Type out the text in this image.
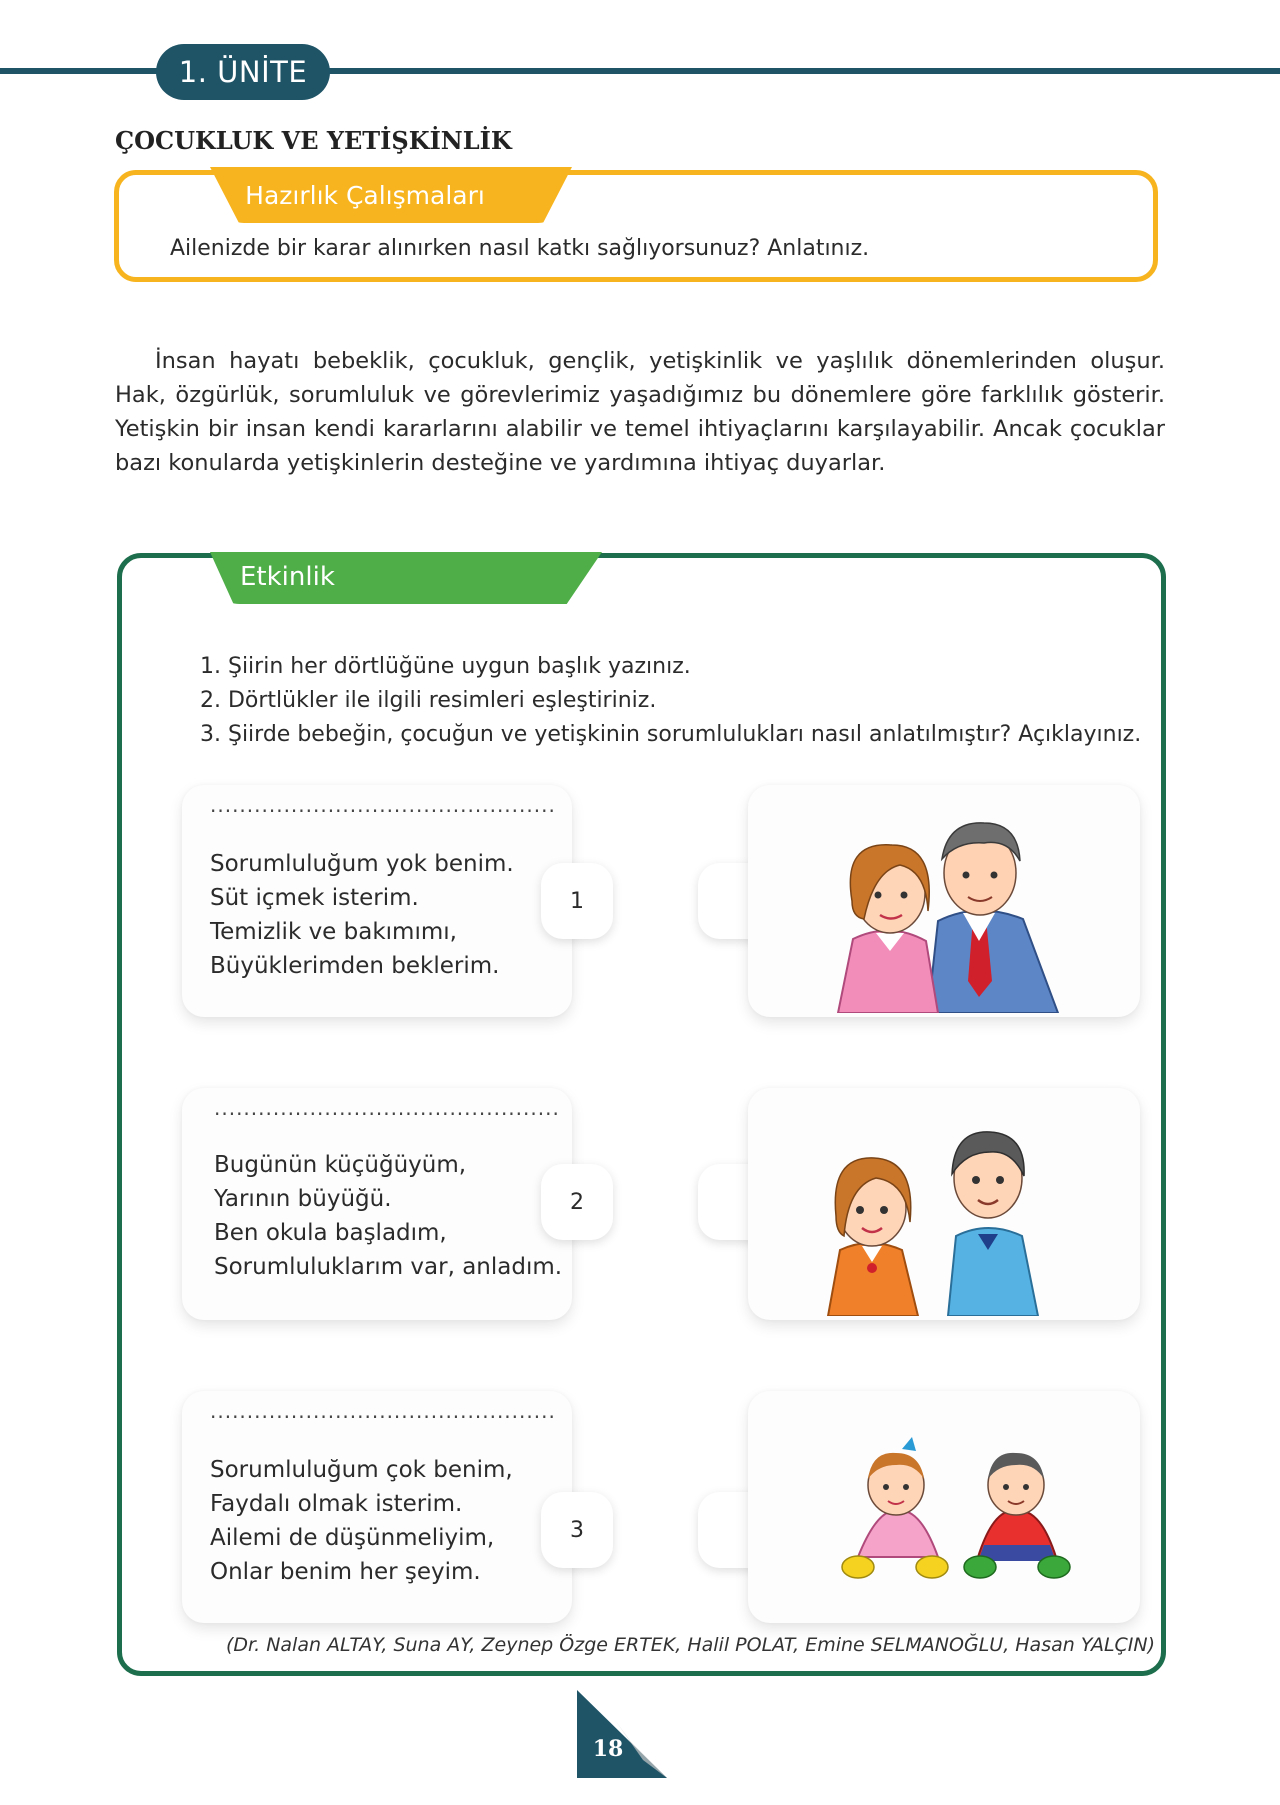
1. ÜNİTE
ÇOCUKLUK VE YETİŞKİNLİK
Hazırlık Çalışmaları
Ailenizde bir karar alınırken nasıl katkı sağlıyorsunuz? Anlatınız.

İnsan hayatı bebeklik, çocukluk, gençlik, yetişkinlik ve yaşlılık dönemlerinden oluşur. Hak, özgürlük, sorumluluk ve görevlerimiz yaşadığımız bu dönemlere göre farklılık gösterir. Yetişkin bir insan kendi kararlarını alabilir ve temel ihtiyaçlarını karşılayabilir. Ancak çocuklar bazı konularda yetişkinlerin desteğine ve yardımına ihtiyaç duyarlar.

Etkinlik
1. Şiirin her dörtlüğüne uygun başlık yazınız.
2. Dörtlükler ile ilgili resimleri eşleştiriniz.
3. Şiirde bebeğin, çocuğun ve yetişkinin sorumlulukları nasıl anlatılmıştır? Açıklayınız.
...............................................
Sorumluluğum yok benim.
Süt içmek isterim.
Temizlik ve bakımımı,
Büyüklerimden beklerim.
1
...............................................
Bugünün küçüğüyüm,
Yarının büyüğü.
Ben okula başladım,
Sorumluluklarım var, anladım.
2
...............................................
Sorumluluğum çok benim,
Faydalı olmak isterim.
Ailemi de düşünmeliyim,
Onlar benim her şeyim.
3
(Dr. Nalan ALTAY, Suna AY, Zeynep Özge ERTEK, Halil POLAT, Emine SELMANOĞLU, Hasan YALÇIN)
18
